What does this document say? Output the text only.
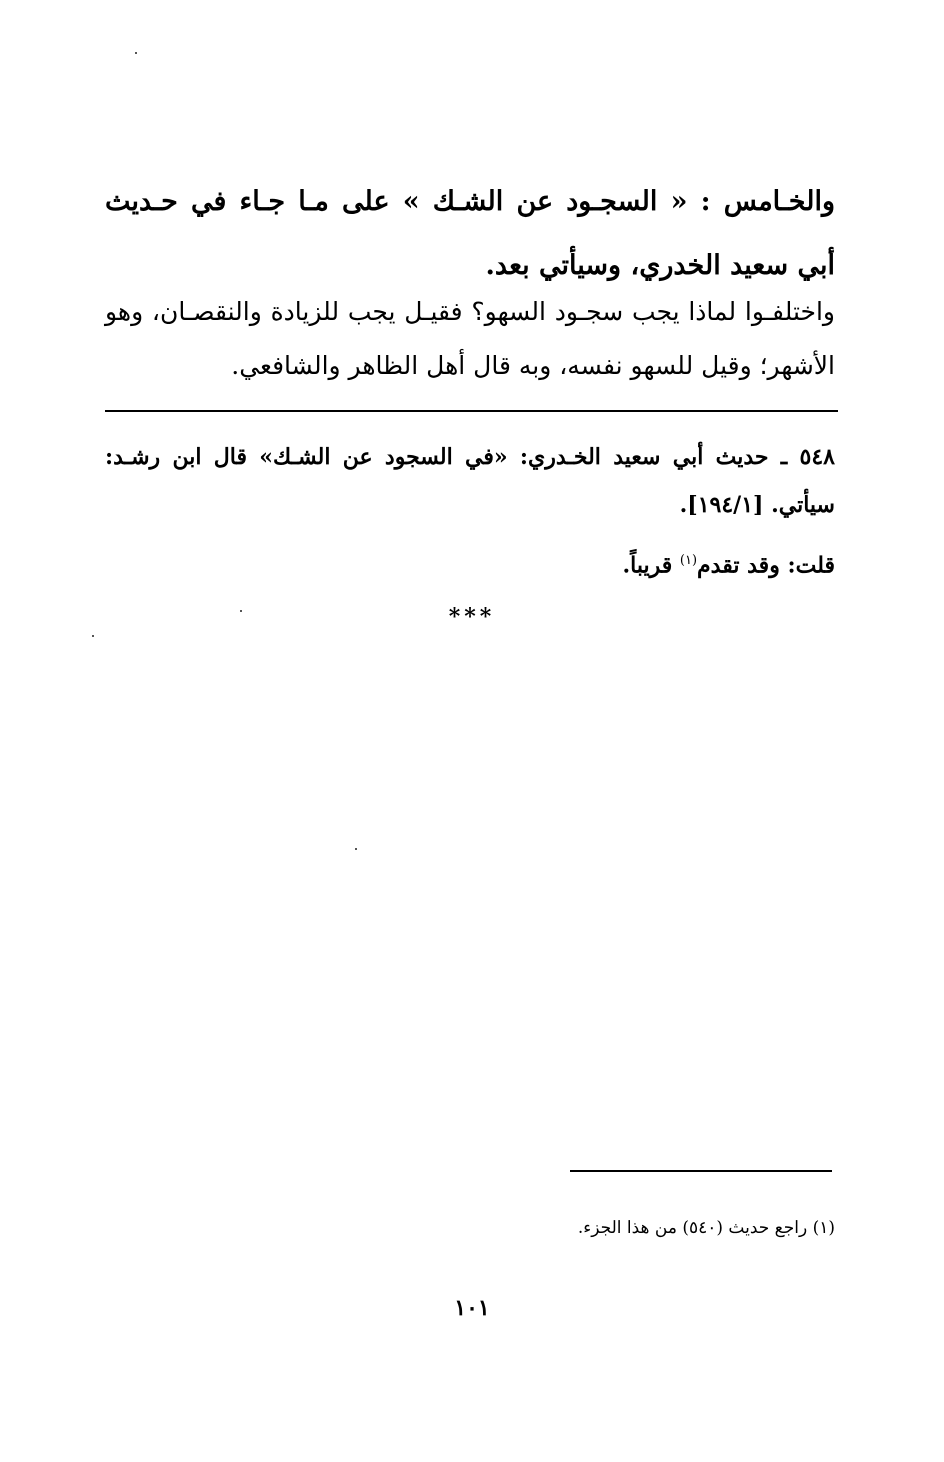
والخـامس : « السجـود عن الشـك » على مـا جـاء في حـديث أبي سعيد الخدري، وسيأتي بعد.
واختلفـوا لماذا يجب سجـود السهو؟ فقيـل يجب للزيادة والنقصـان، وهو الأشهر؛ وقيل للسهو نفسه، وبه قال أهل الظاهر والشافعي.
٥٤٨ ـ حديث أبي سعيد الخـدري: «في السجود عن الشـك» قال ابن رشـد: سيأتي. [١٩٤/١].
قلت: وقد تقدم$^{(١)}$ قريباً.
***
(١) راجع حديث (٥٤٠) من هذا الجزء.
١٠١
